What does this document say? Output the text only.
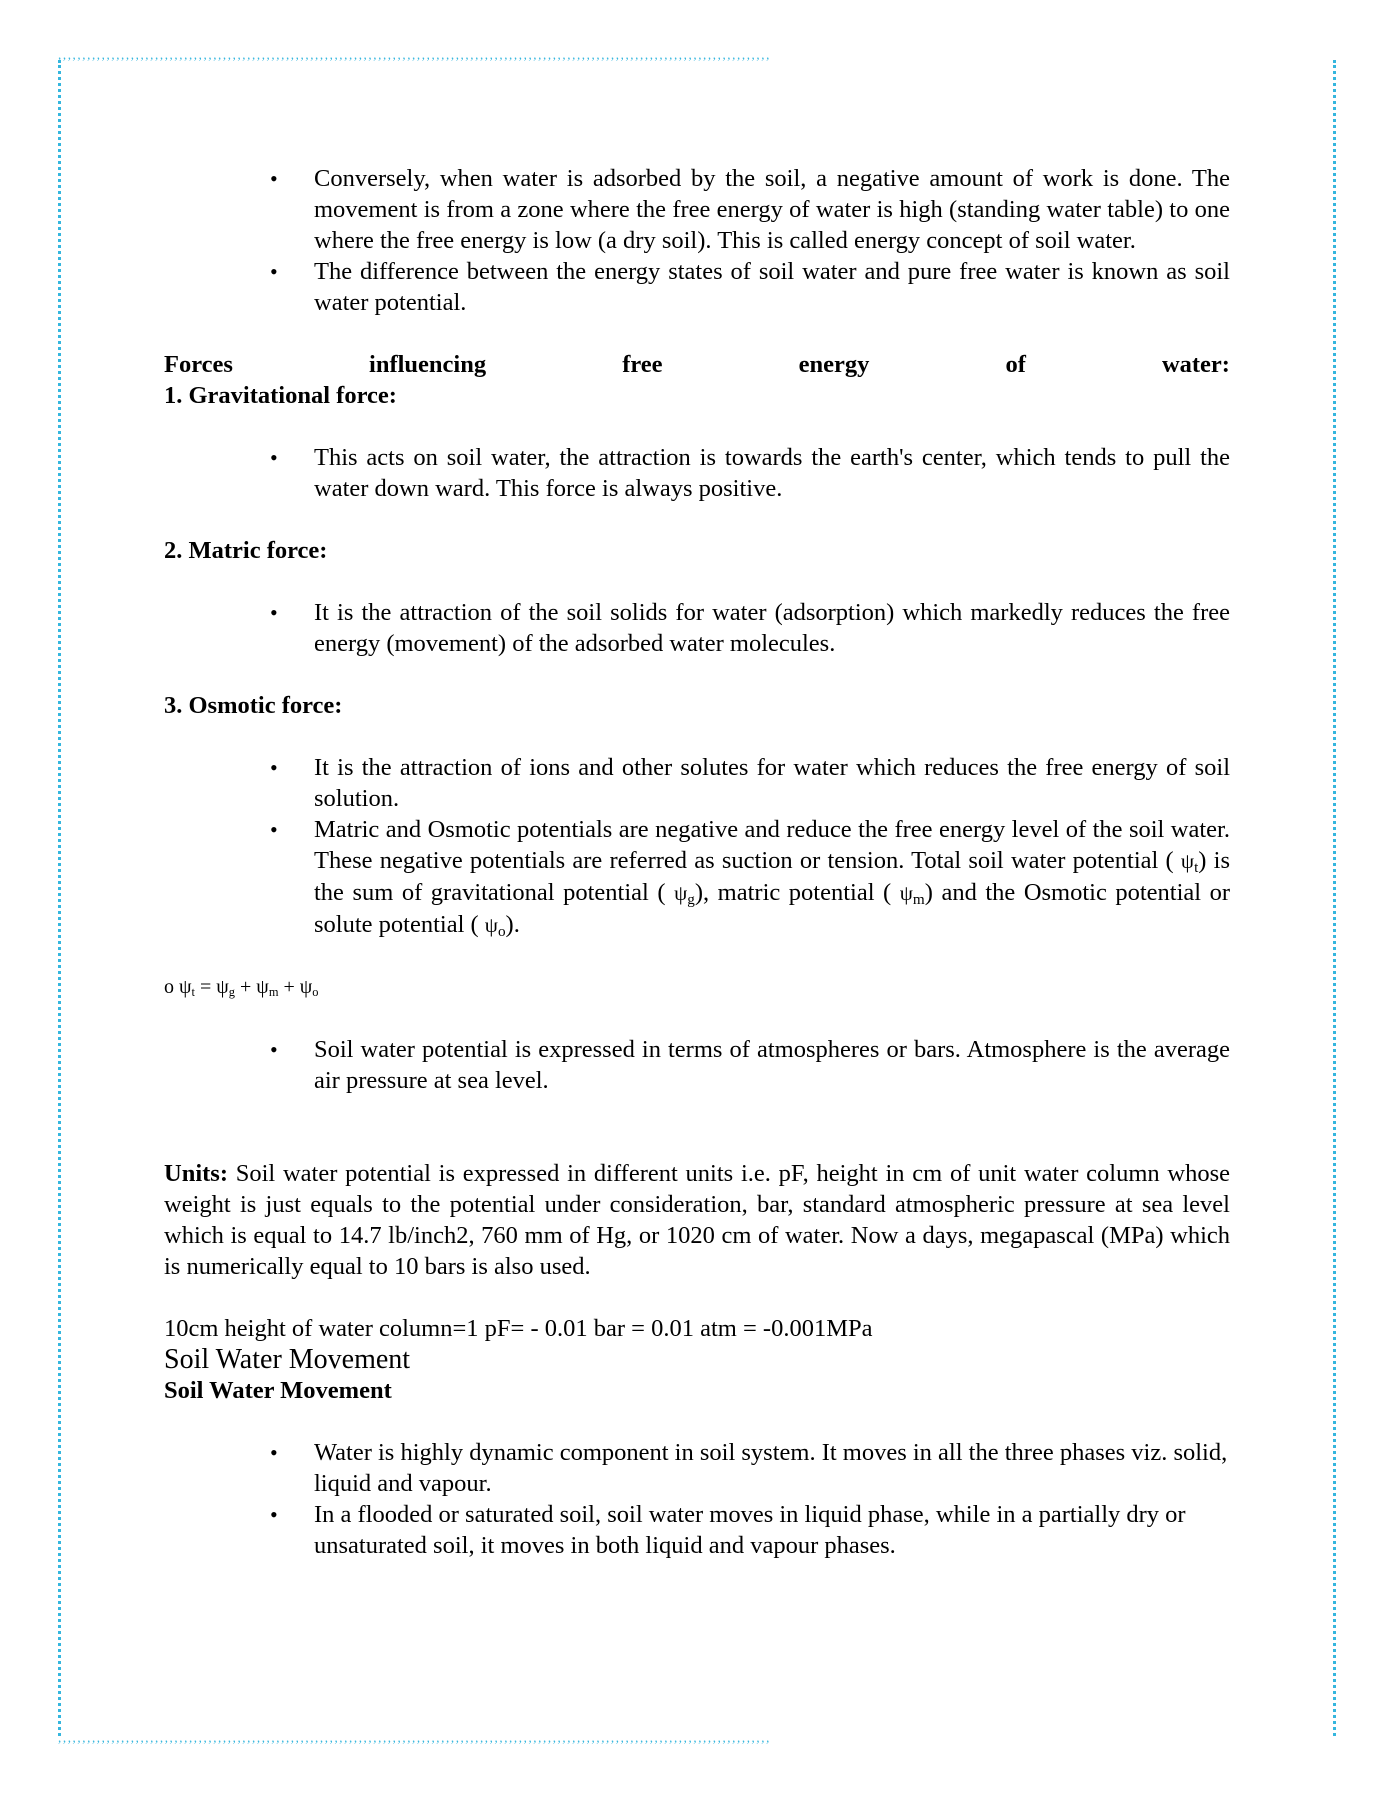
,,,,,,,,,,,,,,,,,,,,,,,,,,,,,,,,,,,,,,,,,,,,,,,,,,,,,,,,,,,,,,,,,,,,,,,,,,,,,,,,,,,,,,,,,,,,,,,,,,,,,,,,,,,,,,,,,,,,,,,,,,,,,,,,,,,,,,,,,,,,,,,,,,,
,,,,,,,,,,,,,,,,,,,,,,,,,,,,,,,,,,,,,,,,,,,,,,,,,,,,,,,,,,,,,,,,,,,,,,,,,,,,,,,,,,,,,,,,,,,,,,,,,,,,,,,,,,,,,,,,,,,,,,,,,,,,,,,,,,,,,,,,,,,,,,,,,,,
• Conversely, when water is adsorbed by the soil, a negative amount of work is done. The movement is from a zone where the free energy of water is high (standing water table) to one where the free energy is low (a dry soil). This is called energy concept of soil water.
• The difference between the energy states of soil water and pure free water is known as soil water potential.
Forces	influencing	free	energy	of	water:
1. Gravitational force:
• This acts on soil water, the attraction is towards the earth's center, which tends to pull the water down ward. This force is always positive.
2. Matric force:
• It is the attraction of the soil solids for water (adsorption) which markedly reduces the free energy (movement) of the adsorbed water molecules.
3. Osmotic force:
• It is the attraction of ions and other solutes for water which reduces the free energy of soil solution.
• Matric and Osmotic potentials are negative and reduce the free energy level of the soil water. These negative potentials are referred as suction or tension. Total soil water potential ( $\psi_t$) is the sum of gravitational potential ( $\psi_g$), matric potential ( $\psi_m$) and the Osmotic potential or solute potential ( $\psi_o$).
o $\psi_t = \psi_g + \psi_m + \psi_o$
• Soil water potential is expressed in terms of atmospheres or bars. Atmosphere is the average air pressure at sea level.
Units: Soil water potential is expressed in different units i.e. pF, height in cm of unit water column whose weight is just equals to the potential under consideration, bar, standard atmospheric pressure at sea level which is equal to 14.7 lb/inch2, 760 mm of Hg, or 1020 cm of water. Now a days, megapascal (MPa) which is numerically equal to 10 bars is also used.
10cm height of water column=1 pF= - 0.01 bar = 0.01 atm = -0.001MPa
Soil Water Movement
Soil Water Movement
• Water is highly dynamic component in soil system. It moves in all the three phases viz. solid, liquid and vapour.
• In a flooded or saturated soil, soil water moves in liquid phase, while in a partially dry or unsaturated soil, it moves in both liquid and vapour phases.
